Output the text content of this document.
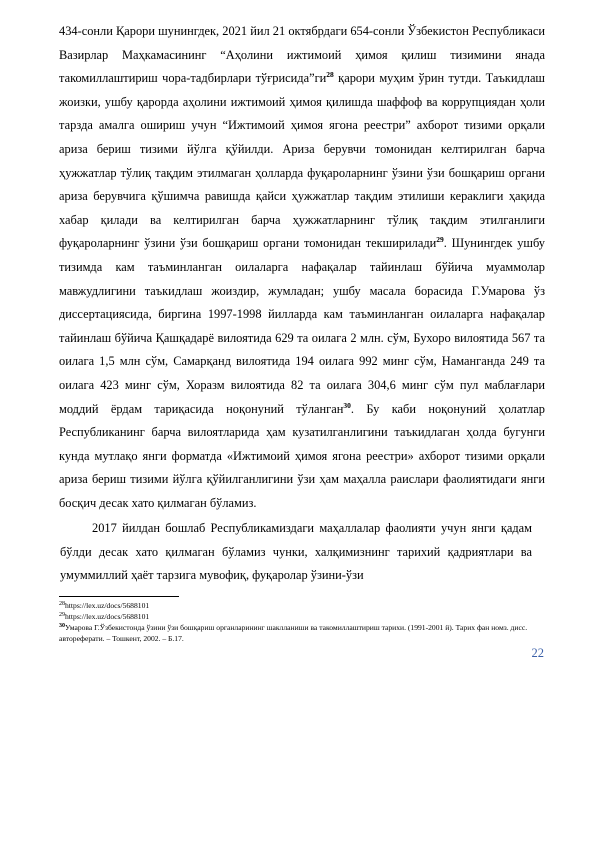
434-сонли Қарори шунингдек, 2021 йил 21 октябрдаги 654-сонли Ўзбекистон Республикаси Вазирлар Маҳкамасининг “Аҳолини ижтимоий ҳимоя қилиш тизимини янада такомиллаштириш чора-тадбирлари $тўғрисида”ги^{28}$ қарори муҳим ўрин тутди. Таъкидлаш жоизки, ушбу қарорда аҳолини ижтимоий ҳимоя қилишда шаффоф ва коррупциядан ҳоли тарзда амалга ошириш учун “Ижтимоий ҳимоя ягона реестри” ахборот тизими орқали ариза бериш тизими йўлга қўйилди. Ариза берувчи томонидан келтирилган барча ҳужжатлар тўлиқ тақдим этилмаган ҳолларда фуқароларнинг ўзини ўзи бошқариш органи ариза берувчига қўшимча равишда қайси ҳужжатлар тақдим этилиши кераклиги ҳақида хабар қилади ва келтирилган барча ҳужжатларнинг тўлиқ тақдим этилганлиги фуқароларнинг ўзини ўзи бошқариш органи томонидан текширилади$^{29}$. Шунингдек ушбу тизимда кам таъминланган оилаларга нафақалар тайинлаш бўйича муаммолар мавжудлигини таъкидлаш жоиздир, жумладан; ушбу масала борасида Г.Умарова ўз диссертациясида, биргина 1997-1998 йилларда кам таъминланган оилаларга нафақалар тайинлаш бўйича Қашқадарё вилоятида 629 та оилага 2 млн. сўм, Бухоро вилоятида 567 та оилага 1,5 млн сўм, Самарқанд вилоятида 194 оилага 992 минг сўм, Наманганда 249 та оилага 423 минг сўм, Хоразм вилоятида 82 та оилага 304,6 минг сўм пул маблағлари моддий ёрдам тариқасида ноқонуний тўланган$^{30}$. Бу каби ноқонуний ҳолатлар Республиканинг барча вилоятларида ҳам кузатилганлигини таъкидлаган ҳолда бугунги кунда мутлақо янги форматда «Ижтимоий ҳимоя ягона реестри» ахборот тизими орқали ариза бериш тизими йўлга қўйилганлигини ўзи ҳам маҳалла раислари фаолиятидаги янги босқич десак хато қилмаган бўламиз.

2017 йилдан бошлаб Республикамиздаги маҳаллалар фаолияти учун янги қадам бўлди десак хато қилмаган бўламиз чунки, халқимизнинг тарихий қадриятлари ва умуммиллий ҳаёт тарзига мувофиқ, фуқаролар ўзини-ўзи

$^{28}$https://lex.uz/docs/5688101

$^{29}$https://lex.uz/docs/5688101

$^{30}$Умарова Г.Ўзбекистонда ўзини ўзи бошқариш органларининг шаклланиши ва такомиллаштириш тарихи. (1991-2001 й). Тарих фан номз. дисс. автореферати. – Тошкент, 2002. – Б.17.

22
